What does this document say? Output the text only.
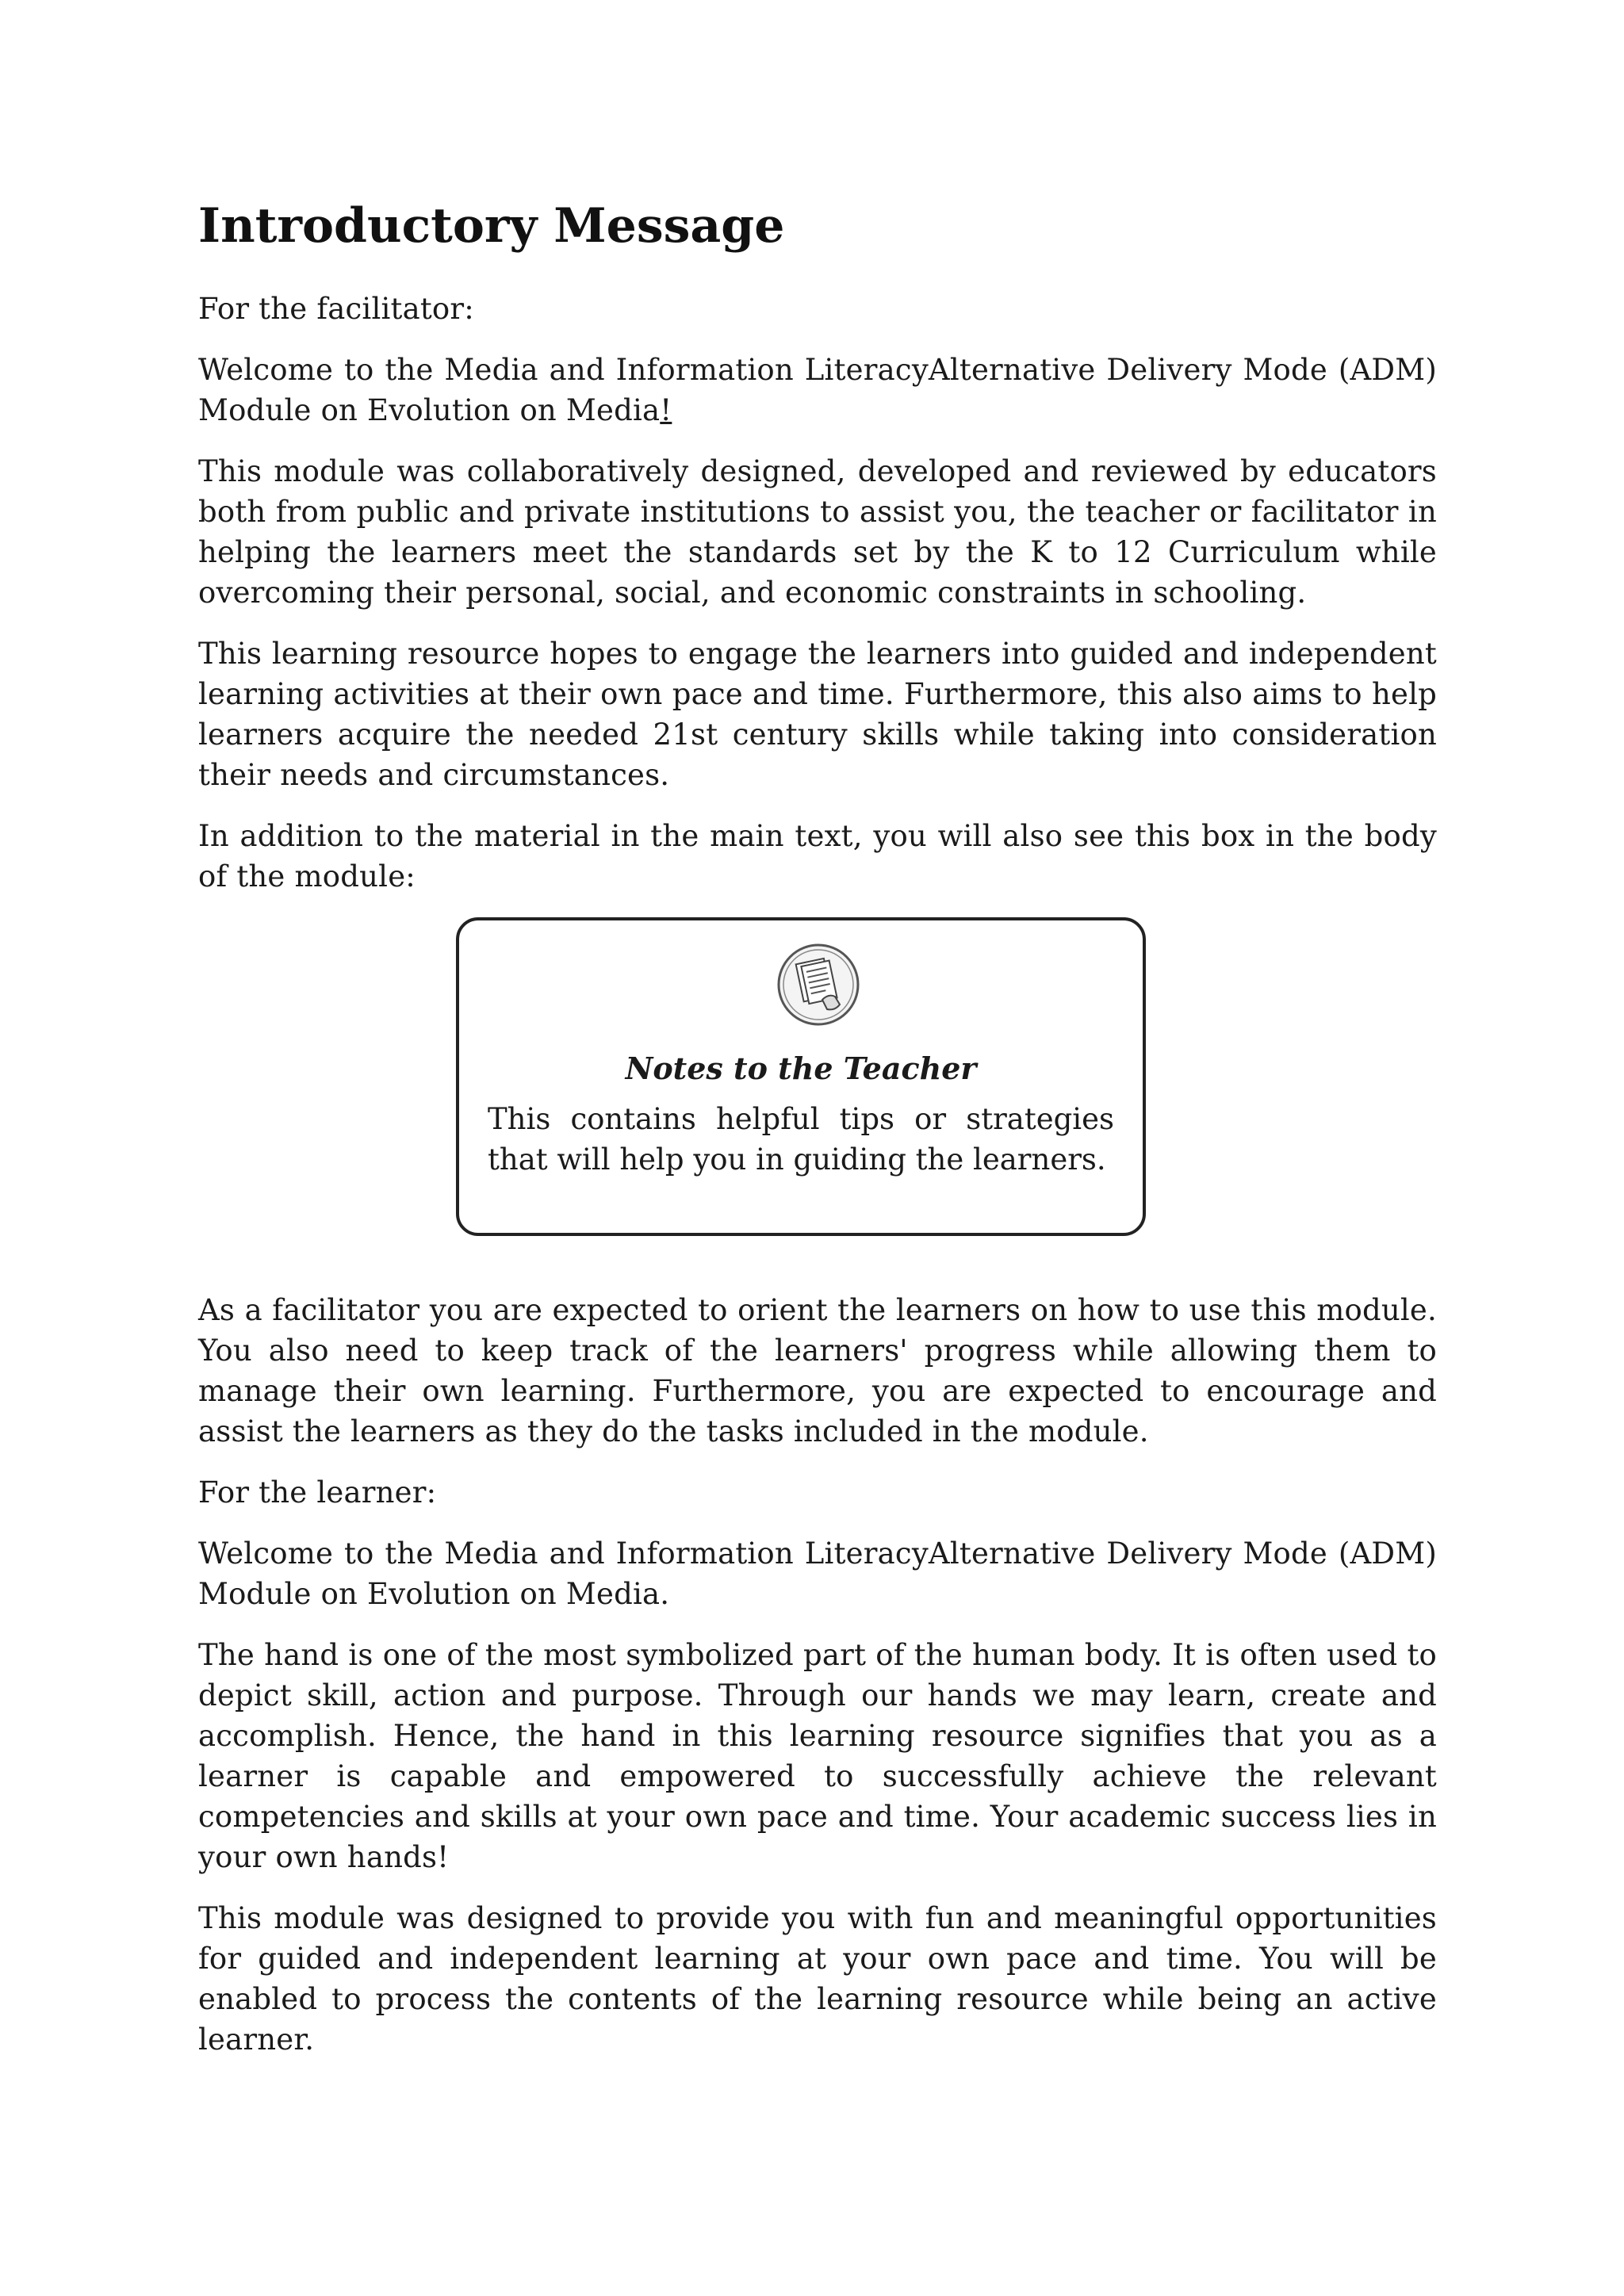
Introductory Message

For the facilitator:

Welcome to the Media and Information LiteracyAlternative Delivery Mode (ADM) Module on Evolution on Media!

This module was collaboratively designed, developed and reviewed by educators both from public and private institutions to assist you, the teacher or facilitator in helping the learners meet the standards set by the K to 12 Curriculum while overcoming their personal, social, and economic constraints in schooling.

This learning resource hopes to engage the learners into guided and independent learning activities at their own pace and time. Furthermore, this also aims to help learners acquire the needed 21st century skills while taking into consideration their needs and circumstances.

In addition to the material in the main text, you will also see this box in the body of the module:

Notes to the Teacher
This contains helpful tips or strategies that will help you in guiding the learners.

As a facilitator you are expected to orient the learners on how to use this module. You also need to keep track of the learners' progress while allowing them to manage their own learning. Furthermore, you are expected to encourage and assist the learners as they do the tasks included in the module.

For the learner:

Welcome to the Media and Information LiteracyAlternative Delivery Mode (ADM) Module on Evolution on Media.

The hand is one of the most symbolized part of the human body. It is often used to depict skill, action and purpose. Through our hands we may learn, create and accomplish. Hence, the hand in this learning resource signifies that you as a learner is capable and empowered to successfully achieve the relevant competencies and skills at your own pace and time. Your academic success lies in your own hands!

This module was designed to provide you with fun and meaningful opportunities for guided and independent learning at your own pace and time. You will be enabled to process the contents of the learning resource while being an active learner.
